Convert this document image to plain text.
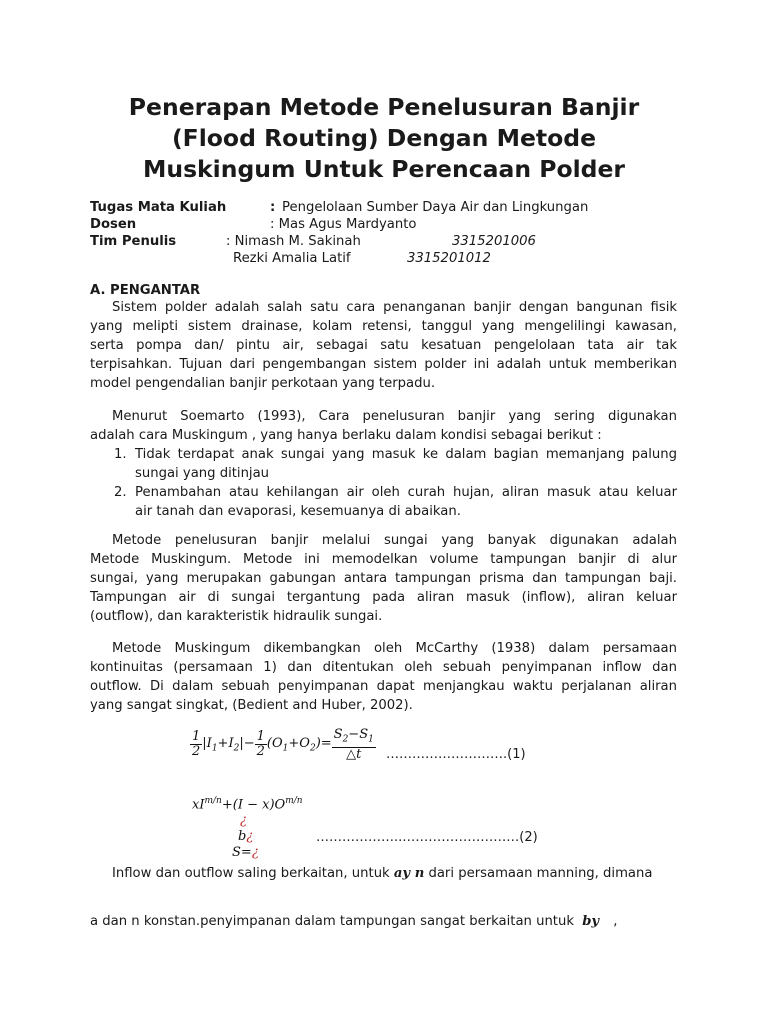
Penerapan Metode Penelusuran Banjir
(Flood Routing) Dengan Metode
Muskingum Untuk Perencaan Polder
Tugas Mata Kuliah	: Pengelolaan Sumber Daya Air dan Lingkungan
Dosen	: Mas Agus Mardyanto
Tim Penulis	: Nimash M. Sakinah	3315201006
Rezki Amalia Latif	3315201012
A. PENGANTAR
Sistem polder adalah salah satu cara penanganan banjir dengan bangunan fisik
yang melipti sistem drainase, kolam retensi, tanggul yang mengelilingi kawasan,
serta pompa dan/ pintu air, sebagai satu kesatuan pengelolaan tata air tak
terpisahkan. Tujuan dari pengembangan sistem polder ini adalah untuk memberikan
model pengendalian banjir perkotaan yang terpadu.
Menurut Soemarto (1993), Cara penelusuran banjir yang sering digunakan
adalah cara Muskingum , yang hanya berlaku dalam kondisi sebagai berikut :
1. Tidak terdapat anak sungai yang masuk ke dalam bagian memanjang palung
sungai yang ditinjau
2. Penambahan atau kehilangan air oleh curah hujan, aliran masuk atau keluar
air tanah dan evaporasi, kesemuanya di abaikan.
Metode penelusuran banjir melalui sungai yang banyak digunakan adalah
Metode Muskingum. Metode ini memodelkan volume tampungan banjir di alur
sungai, yang merupakan gabungan antara tampungan prisma dan tampungan baji.
Tampungan air di sungai tergantung pada aliran masuk (inflow), aliran keluar
(outflow), dan karakteristik hidraulik sungai.
Metode Muskingum dikembangkan oleh McCarthy (1938) dalam persamaan
kontinuitas (persamaan 1) dan ditentukan oleh sebuah penyimpanan inflow dan
outflow. Di dalam sebuah penyimpanan dapat menjangkau waktu perjalanan aliran
yang sangat singkat, (Bedient and Huber, 2002).
$\frac{1}{2} |I_1+I_2|- \frac{1}{2} (O_1+O_2)= \frac{S_2-S_1}{\triangle t}$ ……………………….(1)
$xI^{m/n}+(I - x)O^{m/n}$
¿
b¿
S=¿
………………..………………………(2)
Inflow dan outflow saling berkaitan, untuk ay n dari persamaan manning, dimana
a dan n konstan.penyimpanan dalam tampungan sangat berkaitan untuk by ,
